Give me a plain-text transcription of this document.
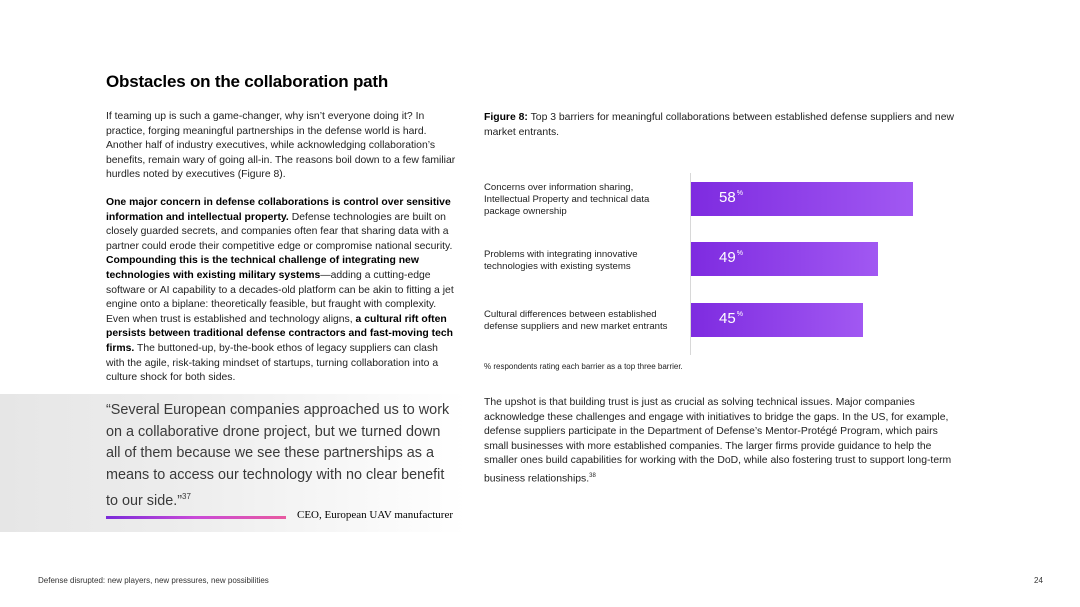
Obstacles on the collaboration path

If teaming up is such a game-changer, why isn’t everyone doing it? In practice, forging meaningful partnerships in the defense world is hard. Another half of industry executives, while acknowledging collaboration’s benefits, remain wary of going all-in. The reasons boil down to a few familiar hurdles noted by executives (Figure 8).

One major concern in defense collaborations is control over sensitive information and intellectual property. Defense technologies are built on closely guarded secrets, and companies often fear that sharing data with a partner could erode their competitive edge or compromise national security. Compounding this is the technical challenge of integrating new technologies with existing military systems—adding a cutting-edge software or AI capability to a decades-old platform can be akin to fitting a jet engine onto a biplane: theoretically feasible, but fraught with complexity. Even when trust is established and technology aligns, a cultural rift often persists between traditional defense contractors and fast-moving tech firms. The buttoned-up, by-the-book ethos of legacy suppliers can clash with the agile, risk-taking mindset of startups, turning collaboration into a culture shock for both sides.

“Several European companies approached us to work on a collaborative drone project, but we turned down all of them because we see these partnerships as a means to access our technology with no clear benefit to our side.”$^{37}$
CEO, European UAV manufacturer
Figure 8: Top 3 barriers for meaningful collaborations between established defense suppliers and new market entrants.
Concerns over information sharing, Intellectual Property and technical data package ownership
58%
Problems with integrating innovative technologies with existing systems
49%
Cultural differences between established defense suppliers and new market entrants	45%
% respondents rating each barrier as a top three barrier.
The upshot is that building trust is just as crucial as solving technical issues. Major companies acknowledge these challenges and engage with initiatives to bridge the gaps. In the US, for example, defense suppliers participate in the Department of Defense’s Mentor-Protégé Program, which pairs small businesses with more established companies. The larger firms provide guidance to help the smaller ones build capabilities for working with the DoD, while also fostering trust to support long-term business relationships.$^{38}$
Defense disrupted: new players, new pressures, new possibilities	24
